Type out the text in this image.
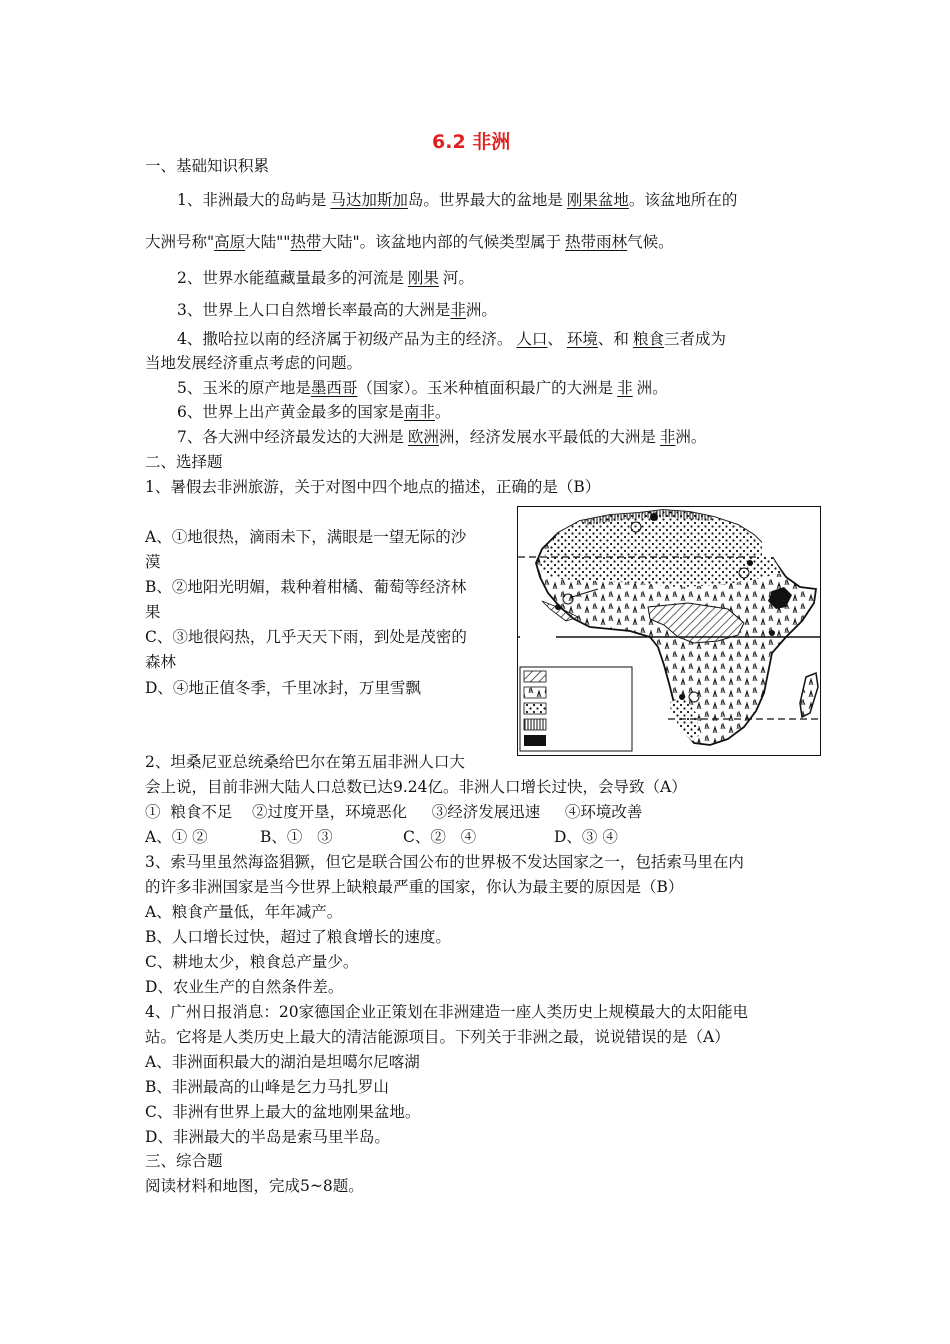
6.2 非洲
一、基础知识积累
1、非洲最大的岛屿是 马达加斯加岛。世界最大的盆地是 刚果盆地。该盆地所在的
大洲号称"高原大陆""热带大陆"。该盆地内部的气候类型属于 热带雨林气候。
2、世界水能蕴藏量最多的河流是 刚果 河。
3、世界上人口自然增长率最高的大洲是非洲。
4、撒哈拉以南的经济属于初级产品为主的经济。 人口、 环境、和 粮食三者成为
当地发展经济重点考虑的问题。
5、玉米的原产地是墨西哥（国家）。玉米种植面积最广的大洲是 非 洲。
6、世界上出产黄金最多的国家是南非。
7、各大洲中经济最发达的大洲是 欧洲洲，经济发展水平最低的大洲是 非洲。
二、选择题
1、暑假去非洲旅游，关于对图中四个地点的描述，正确的是（B）
A、①地很热，滴雨未下，满眼是一望无际的沙
漠
B、②地阳光明媚，栽种着柑橘、葡萄等经济林
果
C、③地很闷热，几乎天天下雨，到处是茂密的
森林
D、④地正值冬季，千里冰封，万里雪飘
2、坦桑尼亚总统桑给巴尔在第五届非洲人口大
会上说，目前非洲大陆人口总数已达9.24亿。非洲人口增长过快，会导致（A）
①  粮食不足    ②过度开垦，环境恶化     ③经济发展迅速     ④环境改善
A、① ②	B、①   ③	C、②   ④	D、③ ④
3、索马里虽然海盗猖獗，但它是联合国公布的世界极不发达国家之一，包括索马里在内
的许多非洲国家是当今世界上缺粮最严重的国家，你认为最主要的原因是（B）
A、粮食产量低，年年减产。
B、人口增长过快，超过了粮食增长的速度。
C、耕地太少，粮食总产量少。
D、农业生产的自然条件差。
4、广州日报消息：20家德国企业正策划在非洲建造一座人类历史上规模最大的太阳能电
站。它将是人类历史上最大的清洁能源项目。下列关于非洲之最，说说错误的是（A）
A、非洲面积最大的湖泊是坦噶尔尼喀湖
B、非洲最高的山峰是乞力马扎罗山
C、非洲有世界上最大的盆地刚果盆地。
D、非洲最大的半岛是索马里半岛。
三、综合题
阅读材料和地图，完成5~8题。
